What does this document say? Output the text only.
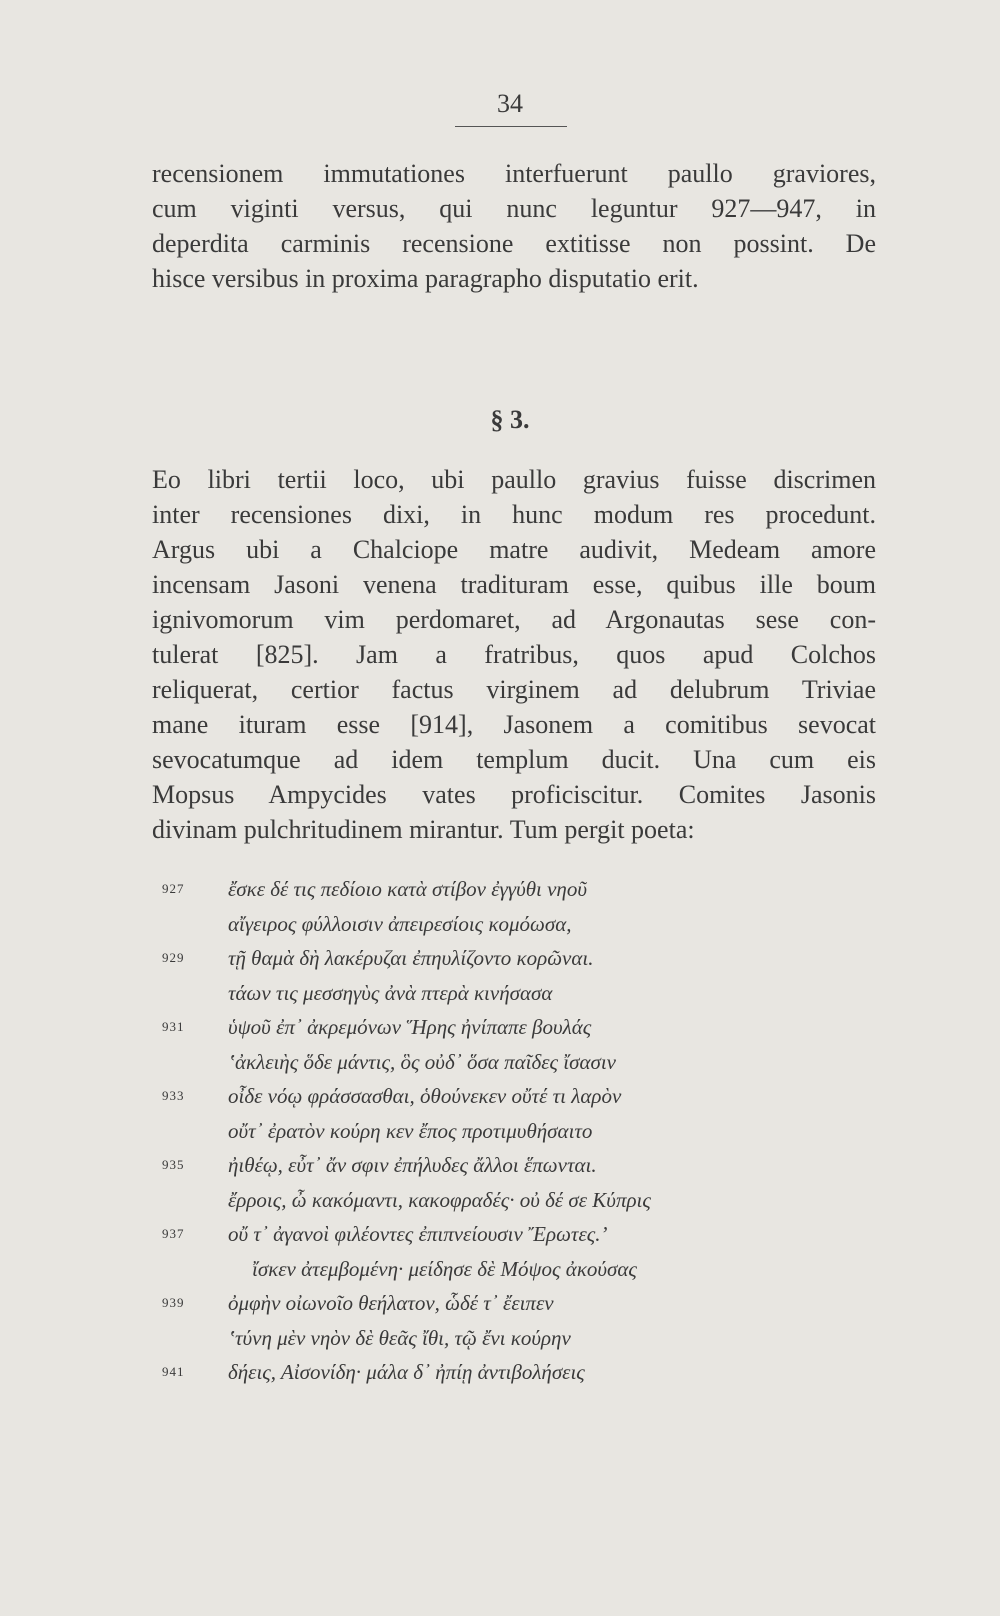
34
recensionem immutationes interfuerunt paullo graviores,
cum viginti versus, qui nunc leguntur 927—947, in
deperdita carminis recensione extitisse non possint. De
hisce versibus in proxima paragrapho disputatio erit.
§ 3.
Eo libri tertii loco, ubi paullo gravius fuisse discrimen
inter recensiones dixi, in hunc modum res procedunt.
Argus ubi a Chalciope matre audivit, Medeam amore
incensam Jasoni venena tradituram esse, quibus ille boum
ignivomorum vim perdomaret, ad Argonautas sese con-
tulerat [825]. Jam a fratribus, quos apud Colchos
reliquerat, certior factus virginem ad delubrum Triviae
mane ituram esse [914], Jasonem a comitibus sevocat
sevocatumque ad idem templum ducit. Una cum eis
Mopsus Ampycides vates proficiscitur. Comites Jasonis
divinam pulchritudinem mirantur. Tum pergit poeta:
927	ἔσκε δέ τις πεδίοιο κατὰ στίβον ἐγγύθι νηοῦ
αἴγειρος φύλλοισιν ἀπειρεσίοις κομόωσα,
929	τῇ θαμὰ δὴ λακέρυζαι ἐπηυλίζοντο κορῶναι.
τάων τις μεσσηγὺς ἀνὰ πτερὰ κινήσασα
931	ὑψοῦ ἐπ᾽ ἀκρεμόνων Ἥρης ἠνίπαπε βουλάς
ʽἀκλειὴς ὅδε μάντις, ὃς οὐδ᾽ ὅσα παῖδες ἴσασιν
933	οἶδε νόῳ φράσσασθαι, ὁθούνεκεν οὔτέ τι λαρὸν
οὔτ᾽ ἐρατὸν κούρη κεν ἔπος προτιμυθήσαιτο
935	ἠιθέῳ, εὖτ᾽ ἄν σφιν ἐπήλυδες ἄλλοι ἕπωνται.
ἔρροις, ὦ κακόμαντι, κακοφραδές· οὐ δέ σε Κύπρις
937	οὔ τ᾽ ἀγανοὶ φιλέοντες ἐπιπνείουσιν Ἔρωτες.ʼ
ἴσκεν ἀτεμβομένη· μείδησε δὲ Μόψος ἀκούσας
939	ὀμφὴν οἰωνοῖο θεήλατον, ὧδέ τ᾽ ἔειπεν
ʽτύνη μὲν νηὸν δὲ θεᾶς ἴθι, τῷ ἔνι κούρην
941	δήεις, Αἰσονίδη· μάλα δ᾽ ἠπίῃ ἀντιβολήσεις
